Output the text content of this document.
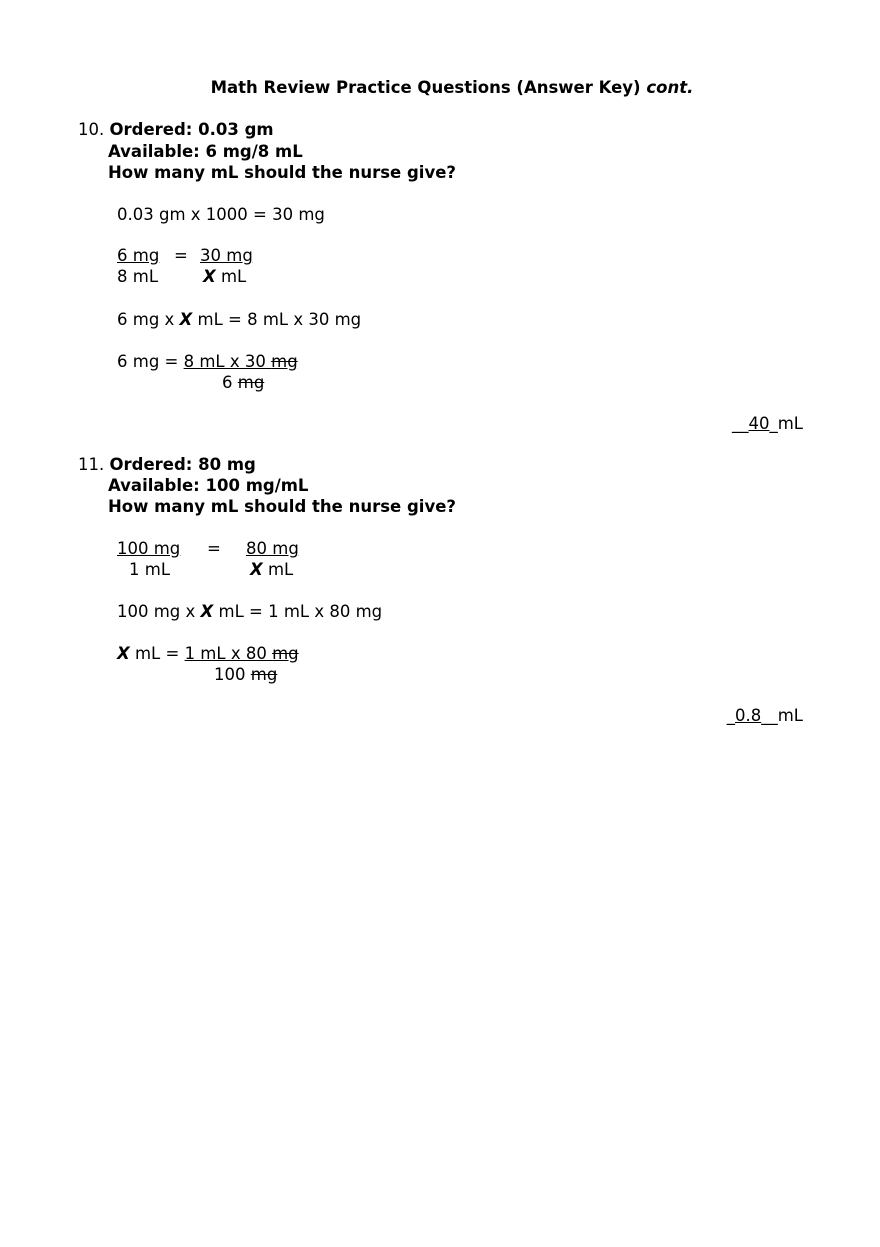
Math Review Practice Questions (Answer Key) cont.
10. Ordered: 0.03 gm
Available: 6 mg/8 mL
How many mL should the nurse give?
0.03 gm x 1000 = 30 mg
6 mg = 30 mg
8 mL	X mL
6 mg x X mL = 8 mL x 30 mg
6 mg = 8 mL x 30 mg
6 mg
__40_mL
11. Ordered: 80 mg
Available: 100 mg/mL
How many mL should the nurse give?
100 mg = 80 mg
1 mL	X mL
100 mg x X mL = 1 mL x 80 mg
X mL = 1 mL x 80 mg
100 mg
_0.8__mL
